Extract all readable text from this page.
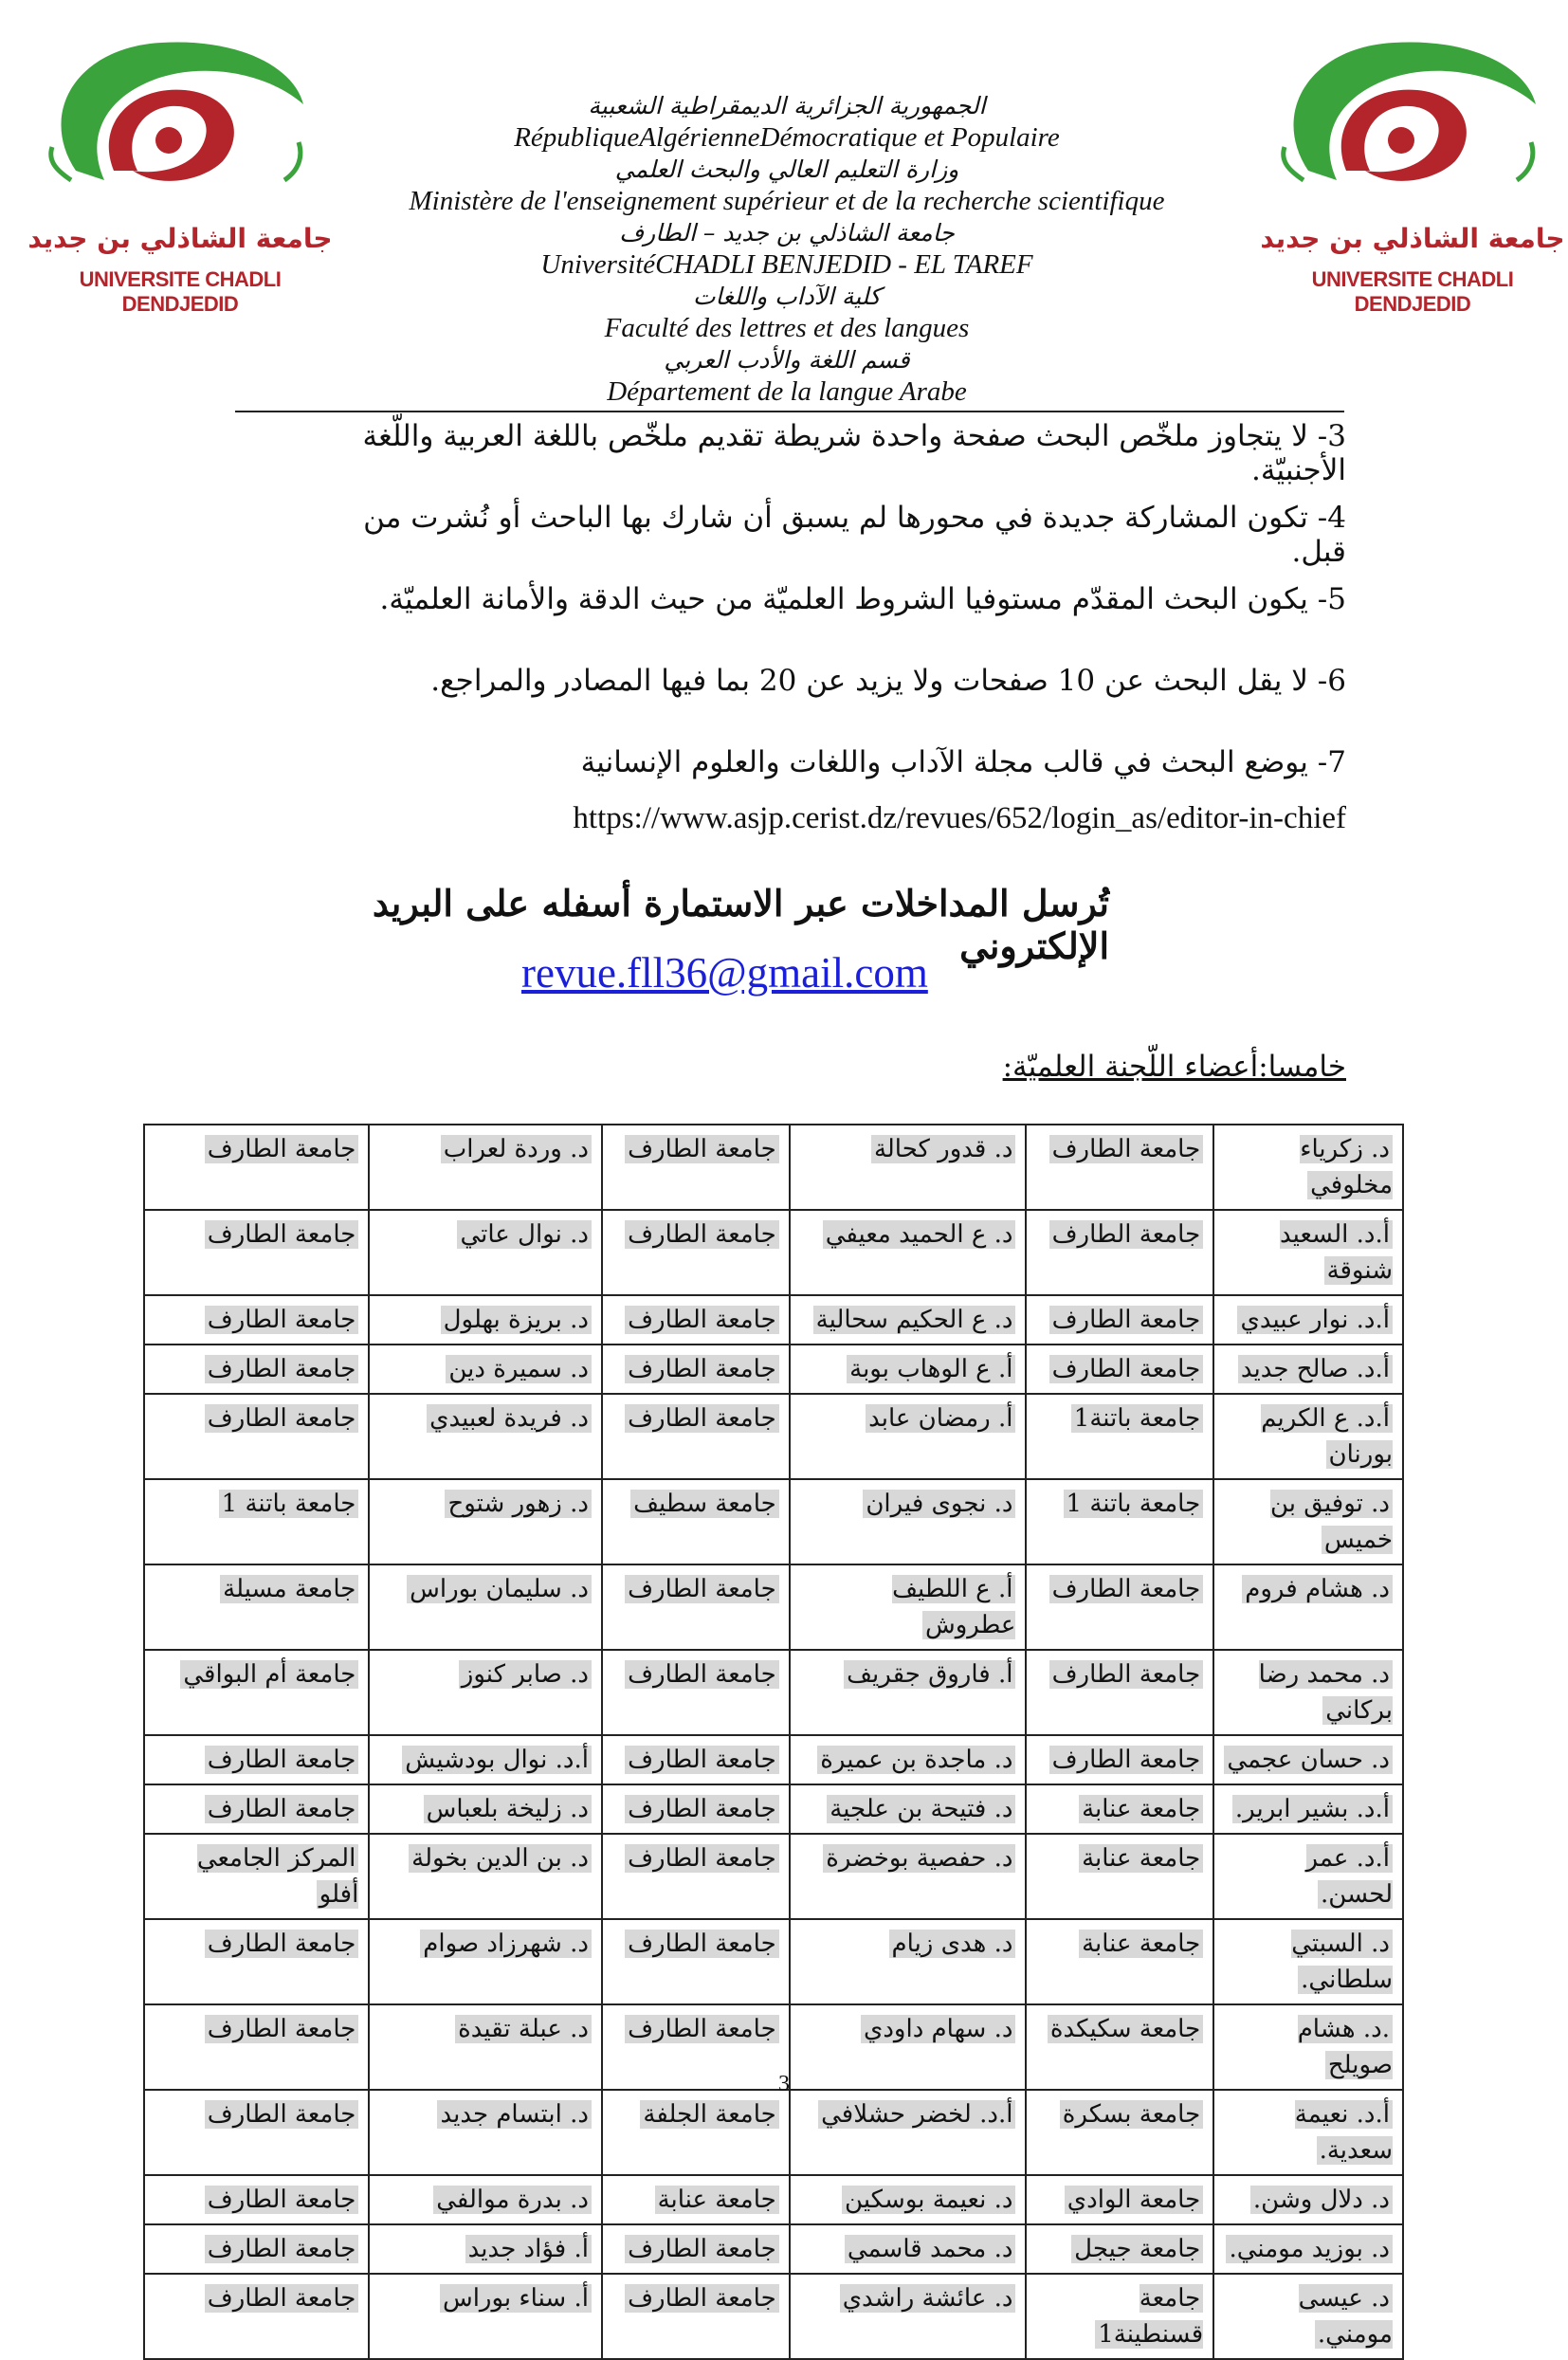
جامعة الشاذلي بن جديد
UNIVERSITE CHADLI DENDJEDID
جامعة الشاذلي بن جديد
UNIVERSITE CHADLI DENDJEDID
الجمهورية الجزائرية الديمقراطية الشعبية
RépubliqueAlgérienneDémocratique et Populaire
وزارة التعليم العالي والبحث العلمي
Ministère de l'enseignement supérieur et de la recherche scientifique
جامعة الشاذلي بن جديد – الطارف
UniversitéCHADLI BENJEDID - EL TAREF
كلية الآداب واللغات
Faculté des lettres et des langues
قسم اللغة والأدب العربي
Département de la langue Arabe
3- لا يتجاوز ملخّص البحث صفحة واحدة شريطة تقديم ملخّص باللغة العربية واللّغة الأجنبيّة.
4- تكون المشاركة جديدة في محورها لم يسبق أن شارك بها الباحث أو نُشرت من قبل.
5- يكون البحث المقدّم مستوفيا الشروط العلميّة من حيث الدقة والأمانة العلميّة.
6- لا يقل البحث عن 10 صفحات ولا يزيد عن 20 بما فيها المصادر والمراجع.
7- يوضع البحث في قالب مجلة الآداب واللغات والعلوم الإنسانية
https://www.asjp.cerist.dz/revues/652/login_as/editor-in-chief
تُرسل المداخلات عبر الاستمارة أسفله على البريد الإلكتروني
revue.fll36@gmail.com
خامسا:أعضاء اللّجنة العلميّة:
د. زكرياء مخلوفي	جامعة الطارف	د. قدور كحالة	جامعة الطارف	د. وردة لعراب	جامعة الطارف
أ.د. السعيد شنوقة	جامعة الطارف	د. ع الحميد معيفي	جامعة الطارف	د. نوال عاتي	جامعة الطارف
أ.د. نوار عبيدي	جامعة الطارف	د. ع الحكيم سحالية	جامعة الطارف	د. بريزة بهلول	جامعة الطارف
أ.د. صالح جديد	جامعة الطارف	أ. ع الوهاب بوبة	جامعة الطارف	د. سميرة دين	جامعة الطارف
أ.د. ع الكريم بورنان	جامعة باتنة1	أ. رمضان عابد	جامعة الطارف	د. فريدة لعبيدي	جامعة الطارف
د. توفيق بن خميس	جامعة باتنة 1	د. نجوى فيران	جامعة سطيف	د. زهور شتوح	جامعة باتنة 1
د. هشام فروم	جامعة الطارف	أ. ع اللطيف عطروش	جامعة الطارف	د. سليمان بوراس	جامعة مسيلة
د. محمد رضا بركاني	جامعة الطارف	أ. فاروق جقريف	جامعة الطارف	د. صابر كنوز	جامعة أم البواقي
د. حسان عجمي	جامعة الطارف	د. ماجدة بن عميرة	جامعة الطارف	أ.د. نوال بودشيش	جامعة الطارف
أ.د. بشير ابرير.	جامعة عنابة	د. فتيحة بن علجية	جامعة الطارف	د. زليخة بلعباس	جامعة الطارف
أ.د. عمر لحسن.	جامعة عنابة	د. حفصية بوخضرة	جامعة الطارف	د. بن الدين بخولة	المركز الجامعي أفلو
د. السبتي سلطاني.	جامعة عنابة	د. هدى زيام	جامعة الطارف	د. شهرزاد صوام	جامعة الطارف
.د. هشام صويلح	جامعة سكيكدة	د. سهام داودي	جامعة الطارف	د. عبلة تقيدة	جامعة الطارف
أ.د. نعيمة سعدية.	جامعة بسكرة	أ.د. لخضر حشلافي	جامعة الجلفة	د. ابتسام جديد	جامعة الطارف
د. دلال وشن.	جامعة الوادي	د. نعيمة بوسكين	جامعة عنابة	د. بدرة موالفي	جامعة الطارف
د. بوزيد مومني.	جامعة جيجل	د. محمد قاسمي	جامعة الطارف	أ. فؤاد جديد	جامعة الطارف
د. عيسى مومني.	جامعة قسنطينة1	د. عائشة راشدي	جامعة الطارف	أ. سناء بوراس	جامعة الطارف
3
